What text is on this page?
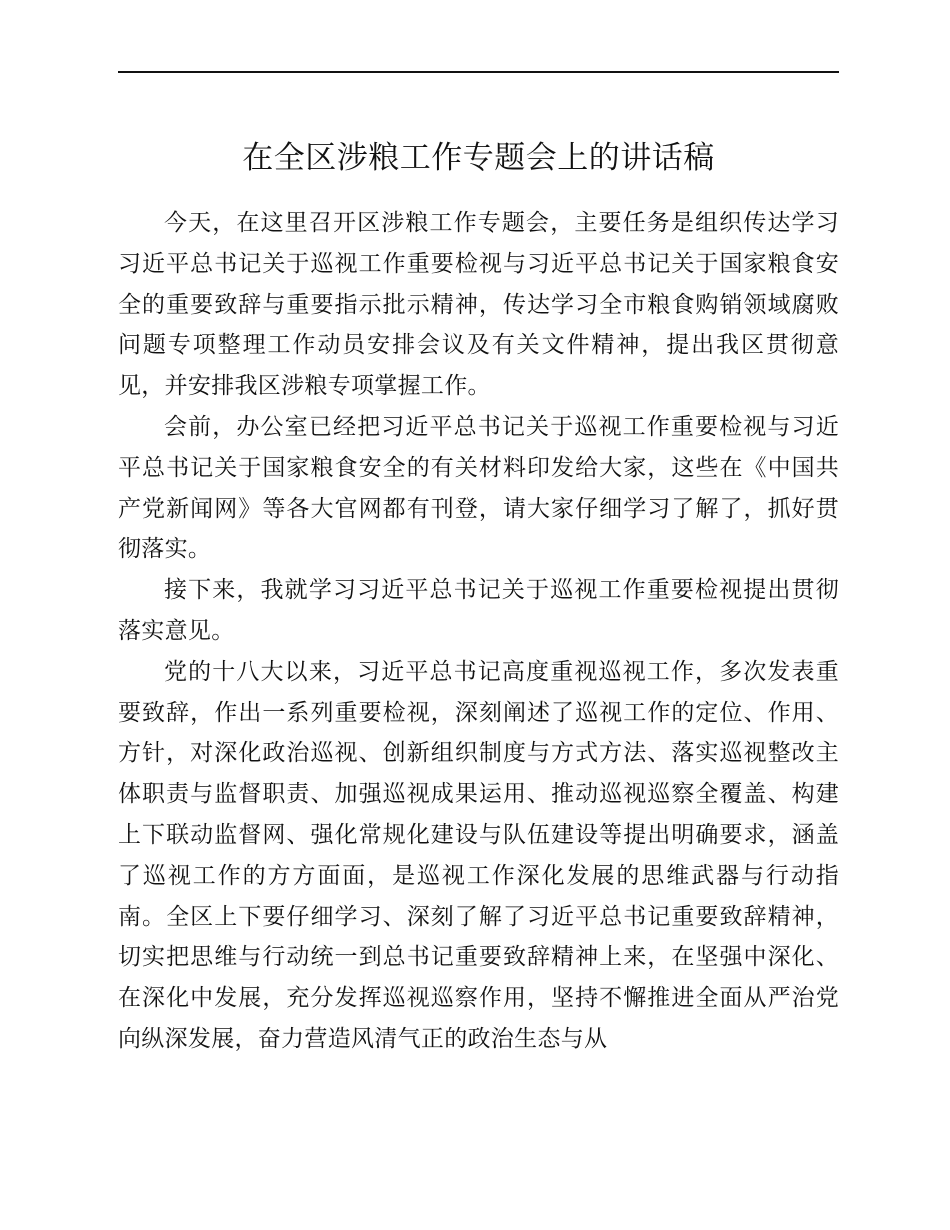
在全区涉粮工作专题会上的讲话稿

今天，在这里召开区涉粮工作专题会，主要任务是组织传达学习习近平总书记关于巡视工作重要检视与习近平总书记关于国家粮食安全的重要致辞与重要指示批示精神，传达学习全市粮食购销领域腐败问题专项整理工作动员安排会议及有关文件精神，提出我区贯彻意见，并安排我区涉粮专项掌握工作。

会前，办公室已经把习近平总书记关于巡视工作重要检视与习近平总书记关于国家粮食安全的有关材料印发给大家，这些在《中国共产党新闻网》等各大官网都有刊登，请大家仔细学习了解了，抓好贯彻落实。

接下来，我就学习习近平总书记关于巡视工作重要检视提出贯彻落实意见。

党的十八大以来，习近平总书记高度重视巡视工作，多次发表重要致辞，作出一系列重要检视，深刻阐述了巡视工作的定位、作用、方针，对深化政治巡视、创新组织制度与方式方法、落实巡视整改主体职责与监督职责、加强巡视成果运用、推动巡视巡察全覆盖、构建上下联动监督网、强化常规化建设与队伍建设等提出明确要求，涵盖了巡视工作的方方面面，是巡视工作深化发展的思维武器与行动指南。全区上下要仔细学习、深刻了解了习近平总书记重要致辞精神，切实把思维与行动统一到总书记重要致辞精神上来，在坚强中深化、在深化中发展，充分发挥巡视巡察作用，坚持不懈推进全面从严治党向纵深发展，奋力营造风清气正的政治生态与从
